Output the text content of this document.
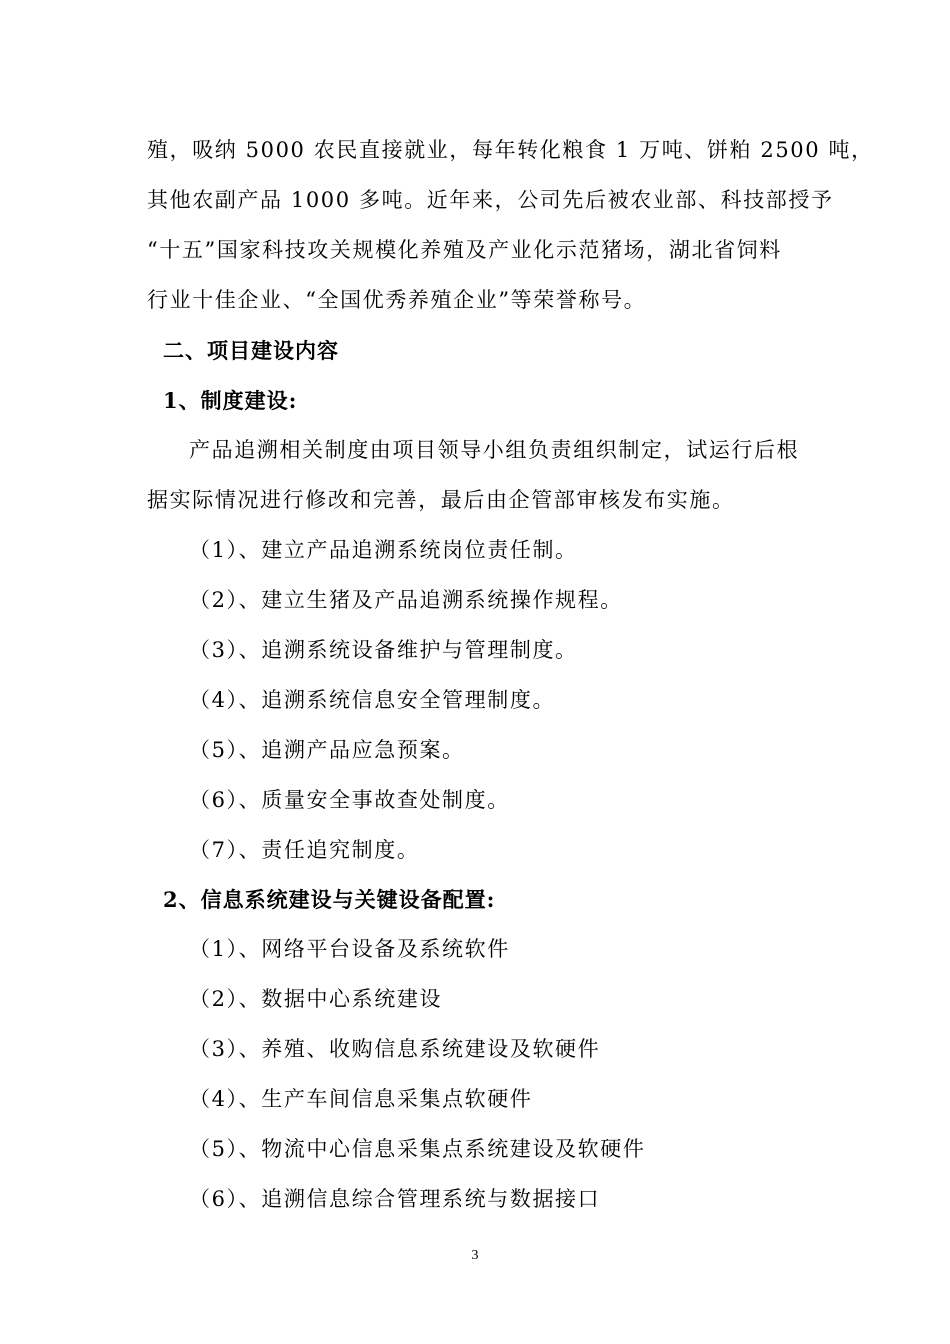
殖，吸纳 5000 农民直接就业，每年转化粮食 1 万吨、饼粕 2500 吨，
其他农副产品 1000 多吨。近年来，公司先后被农业部、科技部授予
“十五”国家科技攻关规模化养殖及产业化示范猪场，湖北省饲料
行业十佳企业、“全国优秀养殖企业”等荣誉称号。
二、项目建设内容
1、制度建设:
产品追溯相关制度由项目领导小组负责组织制定，试运行后根
据实际情况进行修改和完善，最后由企管部审核发布实施。
（1）、建立产品追溯系统岗位责任制。
（2）、建立生猪及产品追溯系统操作规程。
（3）、追溯系统设备维护与管理制度。
（4）、追溯系统信息安全管理制度。
（5）、追溯产品应急预案。
（6）、质量安全事故查处制度。
（7）、责任追究制度。
2、信息系统建设与关键设备配置:
（1）、网络平台设备及系统软件
（2）、数据中心系统建设
（3）、养殖、收购信息系统建设及软硬件
（4）、生产车间信息采集点软硬件
（5）、物流中心信息采集点系统建设及软硬件
（6）、追溯信息综合管理系统与数据接口
3
